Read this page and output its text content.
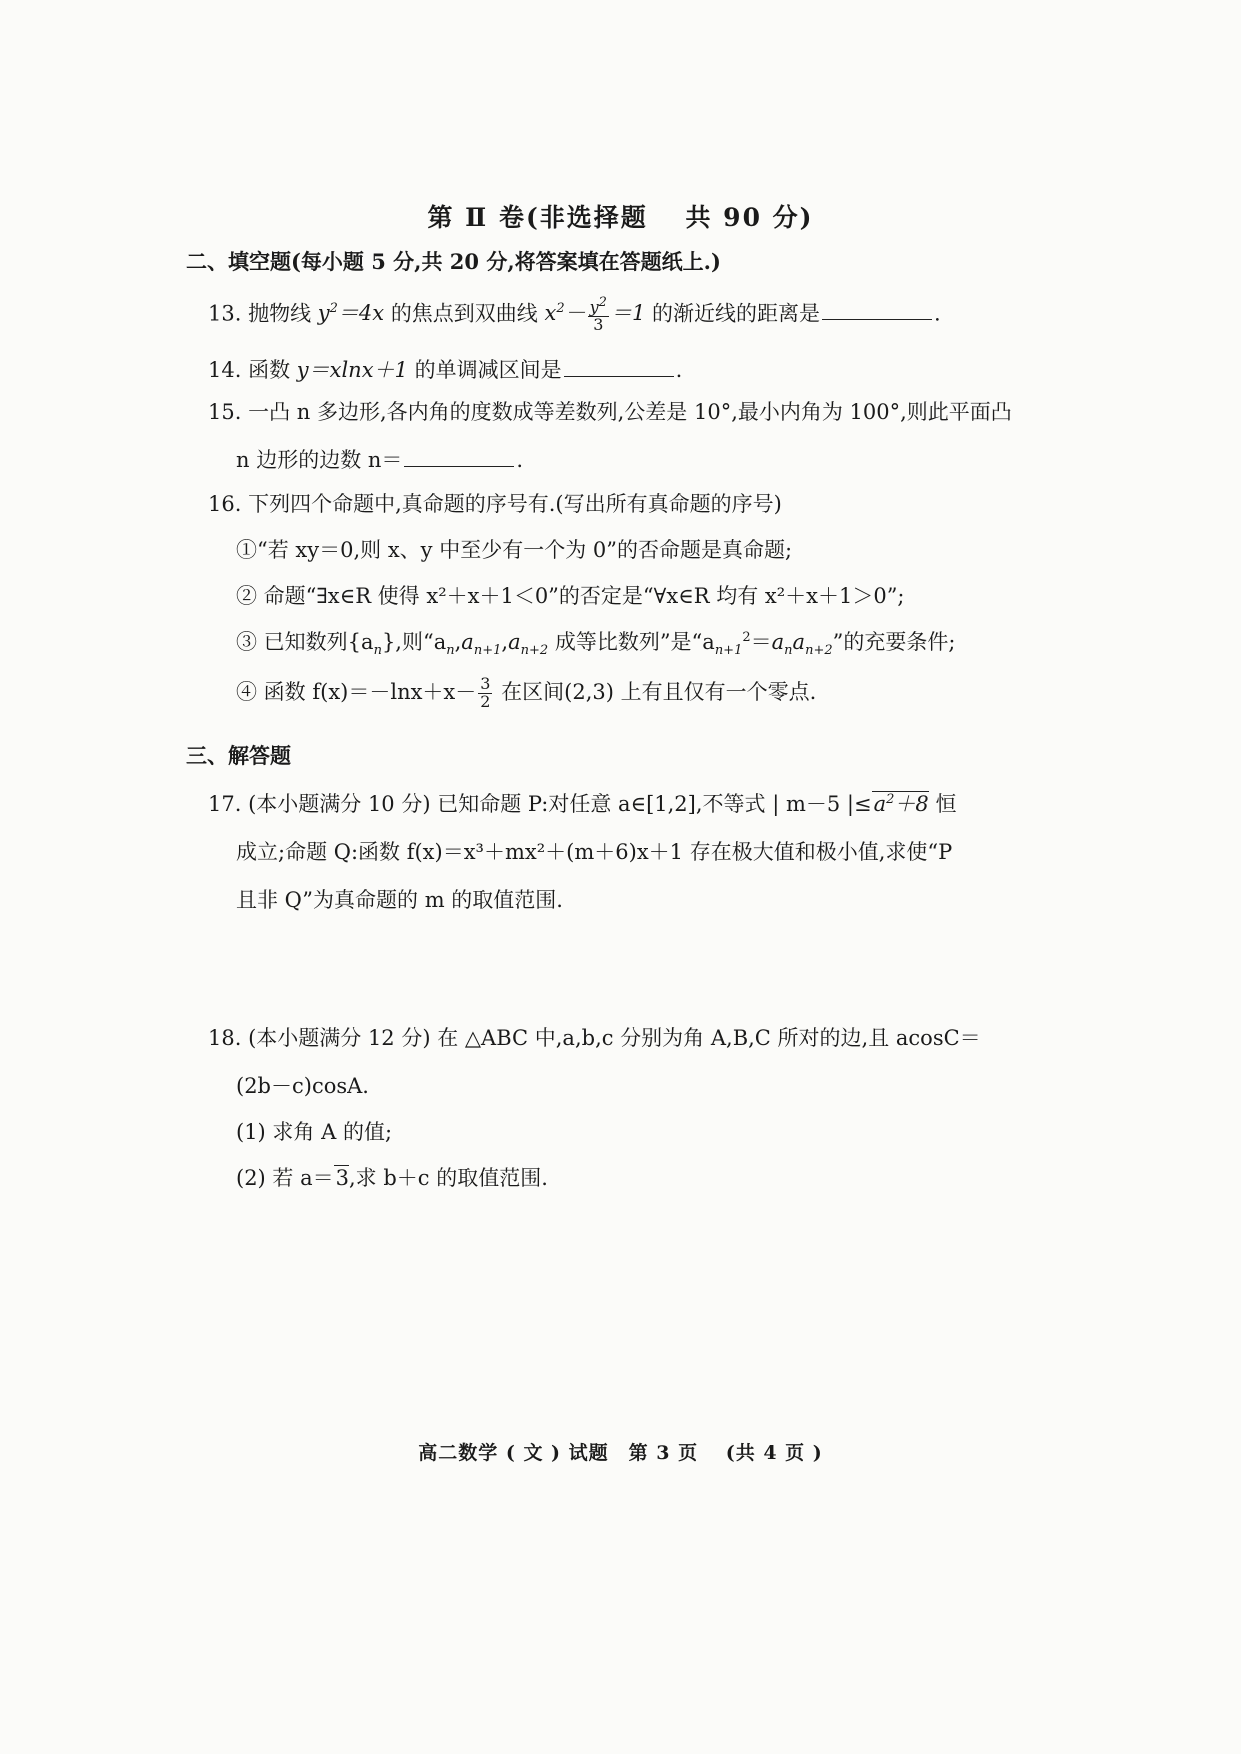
第 Ⅱ 卷(非选择题　 共 90 分)
二、填空题(每小题 5 分,共 20 分,将答案填在答题纸上.)
13. 抛物线 $y^2=4x$ 的焦点到双曲线 $x^2- \frac{y^2}{3} =1$ 的渐近线的距离是	.
14. 函数 y＝xlnx＋1 的单调减区间是	.
15. 一凸 n 多边形,各内角的度数成等差数列,公差是 10°,最小内角为 100°,则此平面凸
n 边形的边数 n＝	.
16. 下列四个命题中,真命题的序号有.(写出所有真命题的序号)
①“若 xy＝0,则 x、y 中至少有一个为 0”的否命题是真命题;
② 命题“∃x∈R 使得 x²＋x＋1＜0”的否定是“∀x∈R 均有 x²＋x＋1＞0”;
③ 已知数列$\{a_n\}$,则“$a_n,a_{n+1},a_{n+2}$ 成等比数列”是“$a_{n+1}^2=a_na_{n+2}$”的充要条件;
④ 函数 $f(x)=-\ln x+x- \frac{3}{2}$ 在区间(2,3) 上有且仅有一个零点.
三、解答题
17. (本小题满分 10 分) 已知命题 P:对任意 a∈[1,2],不等式 | m－5 $|\le a^2+8$ 恒
成立;命题 Q:函数 f(x)＝x³＋mx²＋(m＋6)x＋1 存在极大值和极小值,求使“P
且非 Q”为真命题的 m 的取值范围.
18. (本小题满分 12 分) 在 △ABC 中,a,b,c 分别为角 A,B,C 所对的边,且 acosC＝
(2b－c)cosA.
(1) 求角 A 的值;
(2) 若 a＝3,求 b＋c 的取值范围.
高二数学 ( 文 ) 试题　第 3 页　 (共 4 页 )
